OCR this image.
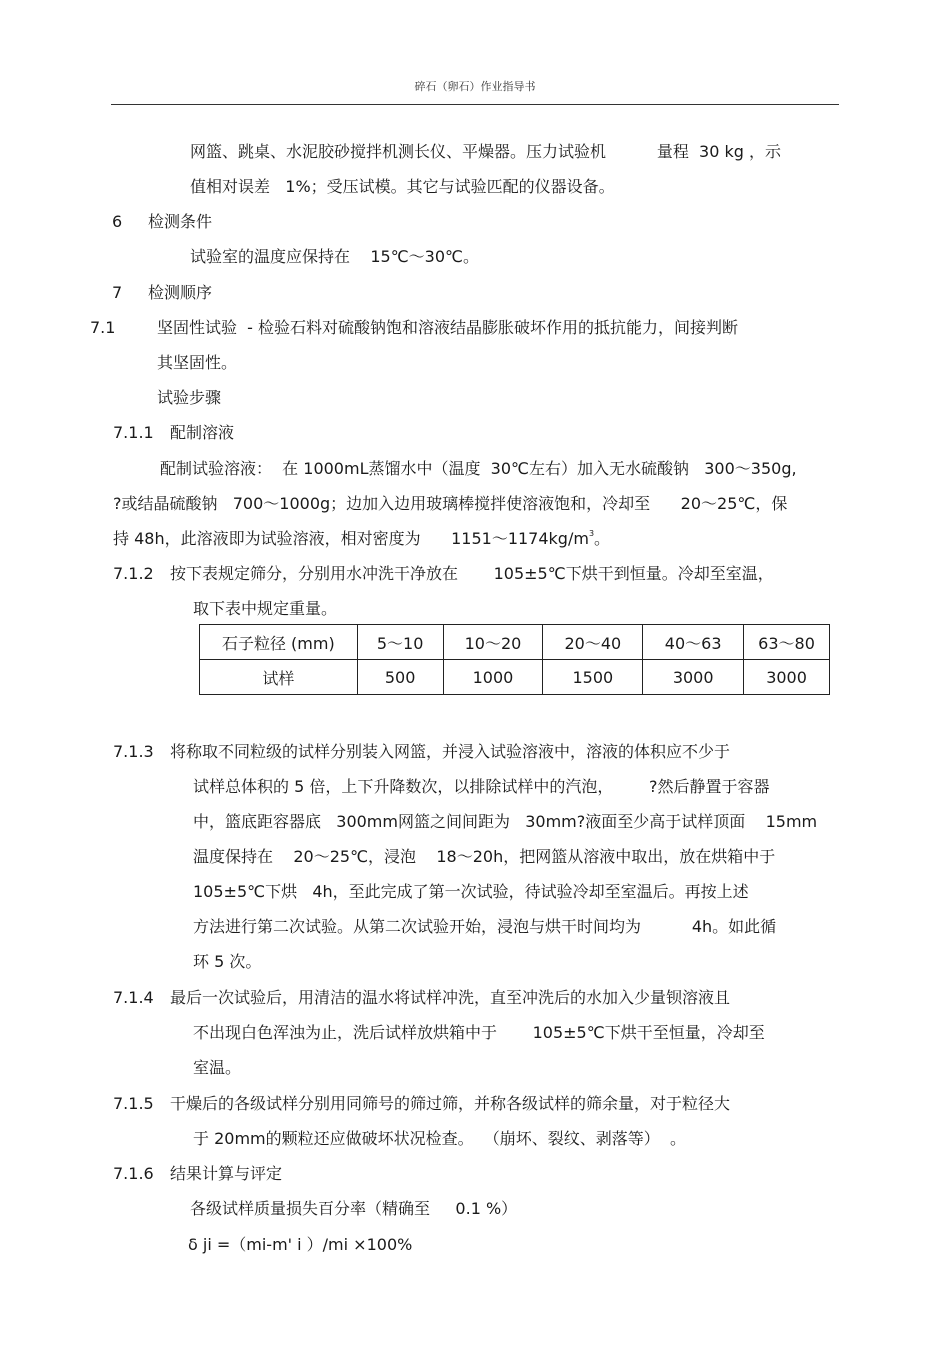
碎石（卵石）作业指导书
网篮、跳桌、水泥胶砂搅拌机测长仪、平燥器。压力试验机          量程  30 kg ，示
值相对误差   1%；受压试模。其它与试验匹配的仪器设备。
6 检测条件
试验室的温度应保持在    15℃～30℃。
7 检测顺序
7.1	坚固性试验  - 检验石料对硫酸钠饱和溶液结晶膨胀破坏作用的抵抗能力，间接判断
其坚固性。
试验步骤
7.1.1 配制溶液
配制试验溶液：  在 1000mL蒸馏水中（温度  30℃左右）加入无水硫酸钠   300～350g,
?或结晶硫酸钠   700～1000g；边加入边用玻璃棒搅拌使溶液饱和，冷却至      20～25℃，保
持 48h，此溶液即为试验溶液，相对密度为      $1151\sim 1174kg/m^3$。
7.1.2 按下表规定筛分，分别用水冲洗干净放在       105±5℃下烘干到恒量。冷却至室温，
取下表中规定重量。
石子粒径 (mm)	5～10	10～20	20～40	40～63	63～80
试样	500	1000	1500	3000	3000
7.1.3 将称取不同粒级的试样分别装入网篮，并浸入试验溶液中，溶液的体积应不少于
试样总体积的 5 倍，上下升降数次，以排除试样中的汽泡，       ?然后静置于容器
中，篮底距容器底   300mm网篮之间间距为   30mm?液面至少高于试样顶面    15mm
温度保持在    20～25℃，浸泡    18～20h，把网篮从溶液中取出，放在烘箱中于
105±5℃下烘   4h，至此完成了第一次试验，待试验冷却至室温后。再按上述
方法进行第二次试验。从第二次试验开始，浸泡与烘干时间均为          4h。如此循
环 5 次。
7.1.4 最后一次试验后，用清洁的温水将试样冲洗，直至冲洗后的水加入少量钡溶液且
不出现白色浑浊为止，洗后试样放烘箱中于       105±5℃下烘干至恒量，冷却至
室温。
7.1.5 干燥后的各级试样分别用同筛号的筛过筛，并称各级试样的筛余量，对于粒径大
于 20mm的颗粒还应做破坏状况检查。  （崩坏、裂纹、剥落等）  。
7.1.6 结果计算与评定
各级试样质量损失百分率（精确至     0.1 %）
δ ji =（mi-m' i ）/mi ×100%
